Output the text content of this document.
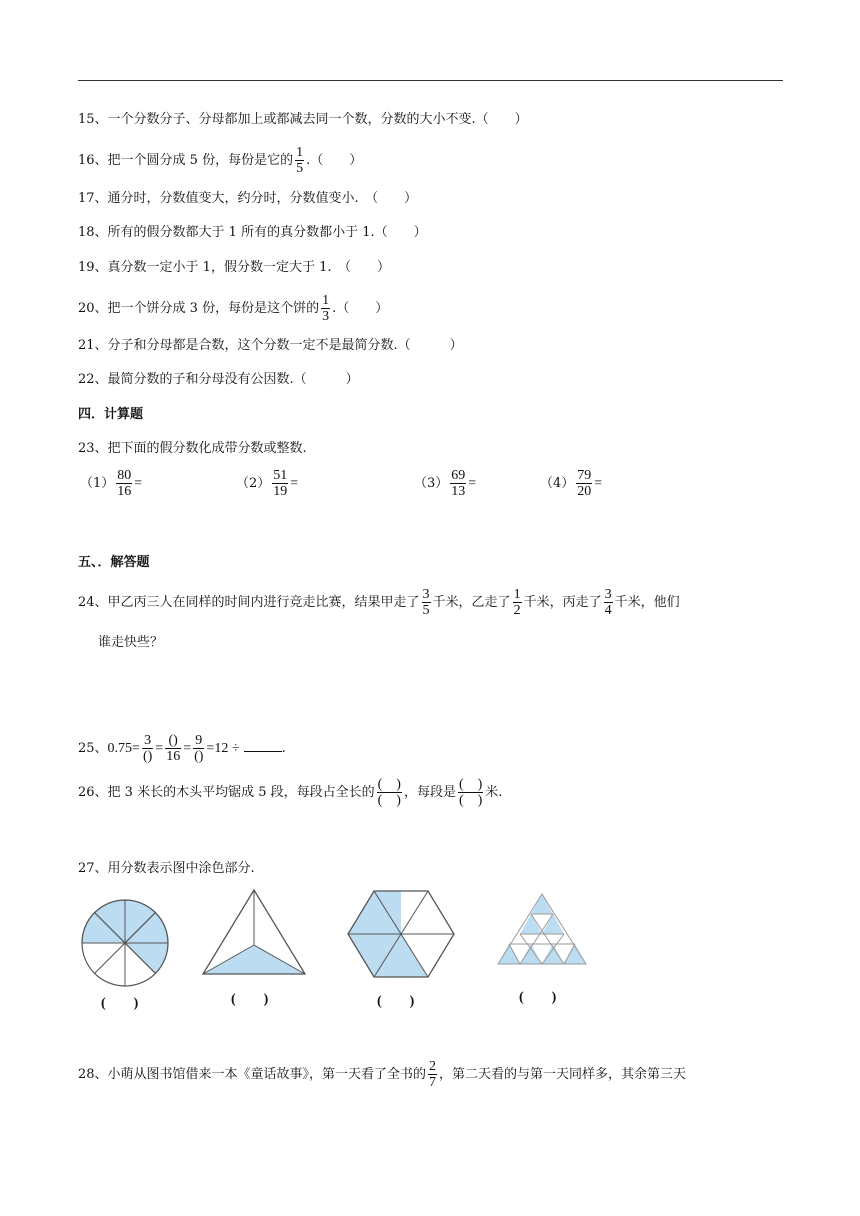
15、一个分数分子、分母都加上或都减去同一个数，分数的大小不变.（　　）
16、把一个圆分成 5 份，每份是它的 $\frac{1}{5}$ .（　　）
17、通分时，分数值变大，约分时，分数值变小.　（　　）
18、所有的假分数都大于 1 所有的真分数都小于 1.（　　）
19、真分数一定小于 1，假分数一定大于 1.　（　　）
20、把一个饼分成 3 份，每份是这个饼的 $\frac{1}{3}$ .（　　）
21、分子和分母都是合数，这个分数一定不是最简分数.（　　　）
22、最简分数的子和分母没有公因数.（　　　）
四．计算题
23、把下面的假分数化成带分数或整数.
$(1) \frac{80}{16}$ =	$(2) \frac{51}{19}$ =	$(3) \frac{69}{13}$ =	$(4) \frac{79}{20}$ =
五、．解答题
24、甲乙丙三人在同样的时间内进行竞走比赛，结果甲走了 $\frac{3}{5}$ 千米，乙走了 $\frac{1}{2}$ 千米，丙走了 $\frac{3}{4}$ 千米，他们
谁走快些？
25、$0.75= \frac{3}{()} = \frac{()}{16} = \frac{9}{()} =12$ ÷	.
26、把 3 米长的木头平均锯成 5 段，每段占全长的 $\frac{( )}{( )}$ ，每段是 $\frac{( )}{( )}$ 米.
27、用分数表示图中涂色部分.
(　　)	(　　)	(　　)	(　　)
28、小萌从图书馆借来一本《童话故事》，第一天看了全书的 $\frac{2}{7}$ ，第二天看的与第一天同样多，其余第三天
